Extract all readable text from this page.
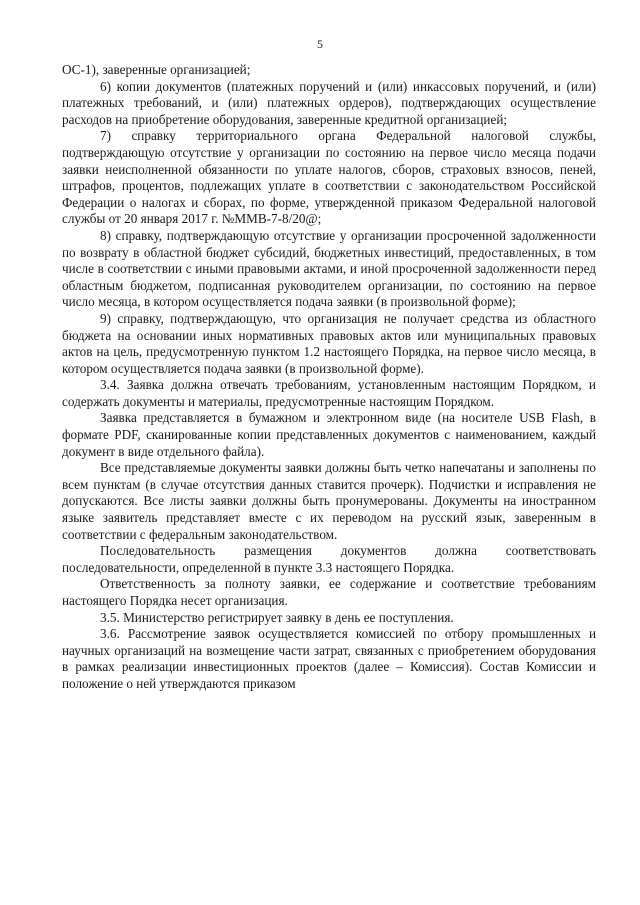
5

ОС-1), заверенные организацией;

6) копии документов (платежных поручений и (или) инкассовых поручений, и (или) платежных требований, и (или) платежных ордеров), подтверждающих осуществление расходов на приобретение оборудования, заверенные кредитной организацией;

7) справку территориального органа Федеральной налоговой службы, подтверждающую отсутствие у организации по состоянию на первое число месяца подачи заявки неисполненной обязанности по уплате налогов, сборов, страховых взносов, пеней, штрафов, процентов, подлежащих уплате в соответствии с законодательством Российской Федерации о налогах и сборах, по форме, утвержденной приказом Федеральной налоговой службы от 20 января 2017 г. №ММВ-7-8/20@;

8) справку, подтверждающую отсутствие у организации просроченной задолженности по возврату в областной бюджет субсидий, бюджетных инвестиций, предоставленных, в том числе в соответствии с иными правовыми актами, и иной просроченной задолженности перед областным бюджетом, подписанная руководителем организации, по состоянию на первое число месяца, в котором осуществляется подача заявки (в произвольной форме);

9) справку, подтверждающую, что организация не получает средства из областного бюджета на основании иных нормативных правовых актов или муниципальных правовых актов на цель, предусмотренную пунктом 1.2 настоящего Порядка, на первое число месяца, в котором осуществляется подача заявки (в произвольной форме).

3.4. Заявка должна отвечать требованиям, установленным настоящим Порядком, и содержать документы и материалы, предусмотренные настоящим Порядком.

Заявка представляется в бумажном и электронном виде (на носителе USB Flash, в формате PDF, сканированные копии представленных документов с наименованием, каждый документ в виде отдельного файла).

Все представляемые документы заявки должны быть четко напечатаны и заполнены по всем пунктам (в случае отсутствия данных ставится прочерк). Подчистки и исправления не допускаются. Все листы заявки должны быть пронумерованы. Документы на иностранном языке заявитель представляет вместе с их переводом на русский язык, заверенным в соответствии с федеральным законодательством.

Последовательность размещения документов должна соответствовать последовательности, определенной в пункте 3.3 настоящего Порядка.

Ответственность за полноту заявки, ее содержание и соответствие требованиям настоящего Порядка несет организация.

3.5. Министерство регистрирует заявку в день ее поступления.

3.6. Рассмотрение заявок осуществляется комиссией по отбору промышленных и научных организаций на возмещение части затрат, связанных с приобретением оборудования в рамках реализации инвестиционных проектов (далее – Комиссия). Состав Комиссии и положение о ней утверждаются приказом
